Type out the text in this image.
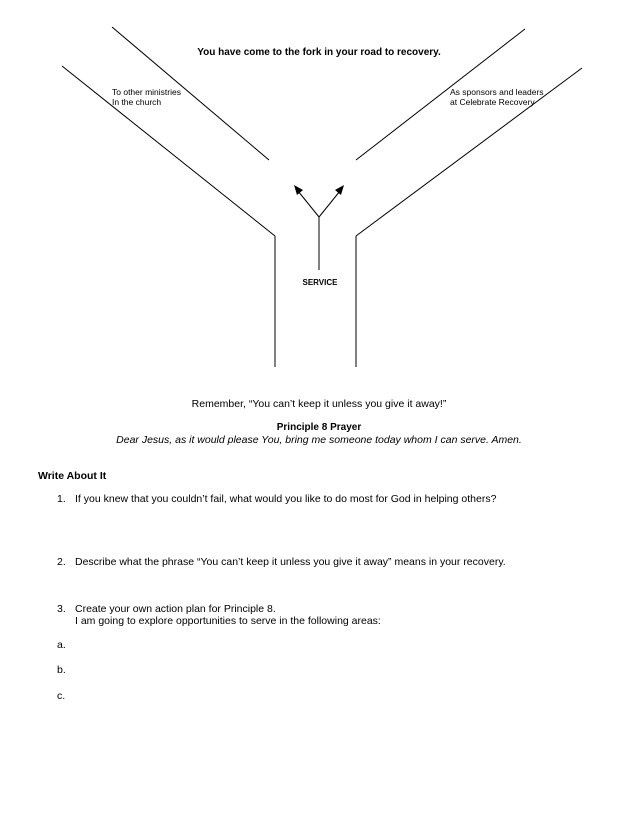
You have come to the fork in your road to recovery.
To other ministries
In the church
As sponsors and leaders
at Celebrate Recovery
SERVICE
Remember, “You can’t keep it unless you give it away!”
Principle 8 Prayer
Dear Jesus, as it would please You, bring me someone today whom I can serve. Amen.
Write About It
1. If you knew that you couldn’t fail, what would you like to do most for God in helping others?
2. Describe what the phrase “You can’t keep it unless you give it away” means in your recovery.
3. Create your own action plan for Principle 8.
I am going to explore opportunities to serve in the following areas:
a.
b.
c.
